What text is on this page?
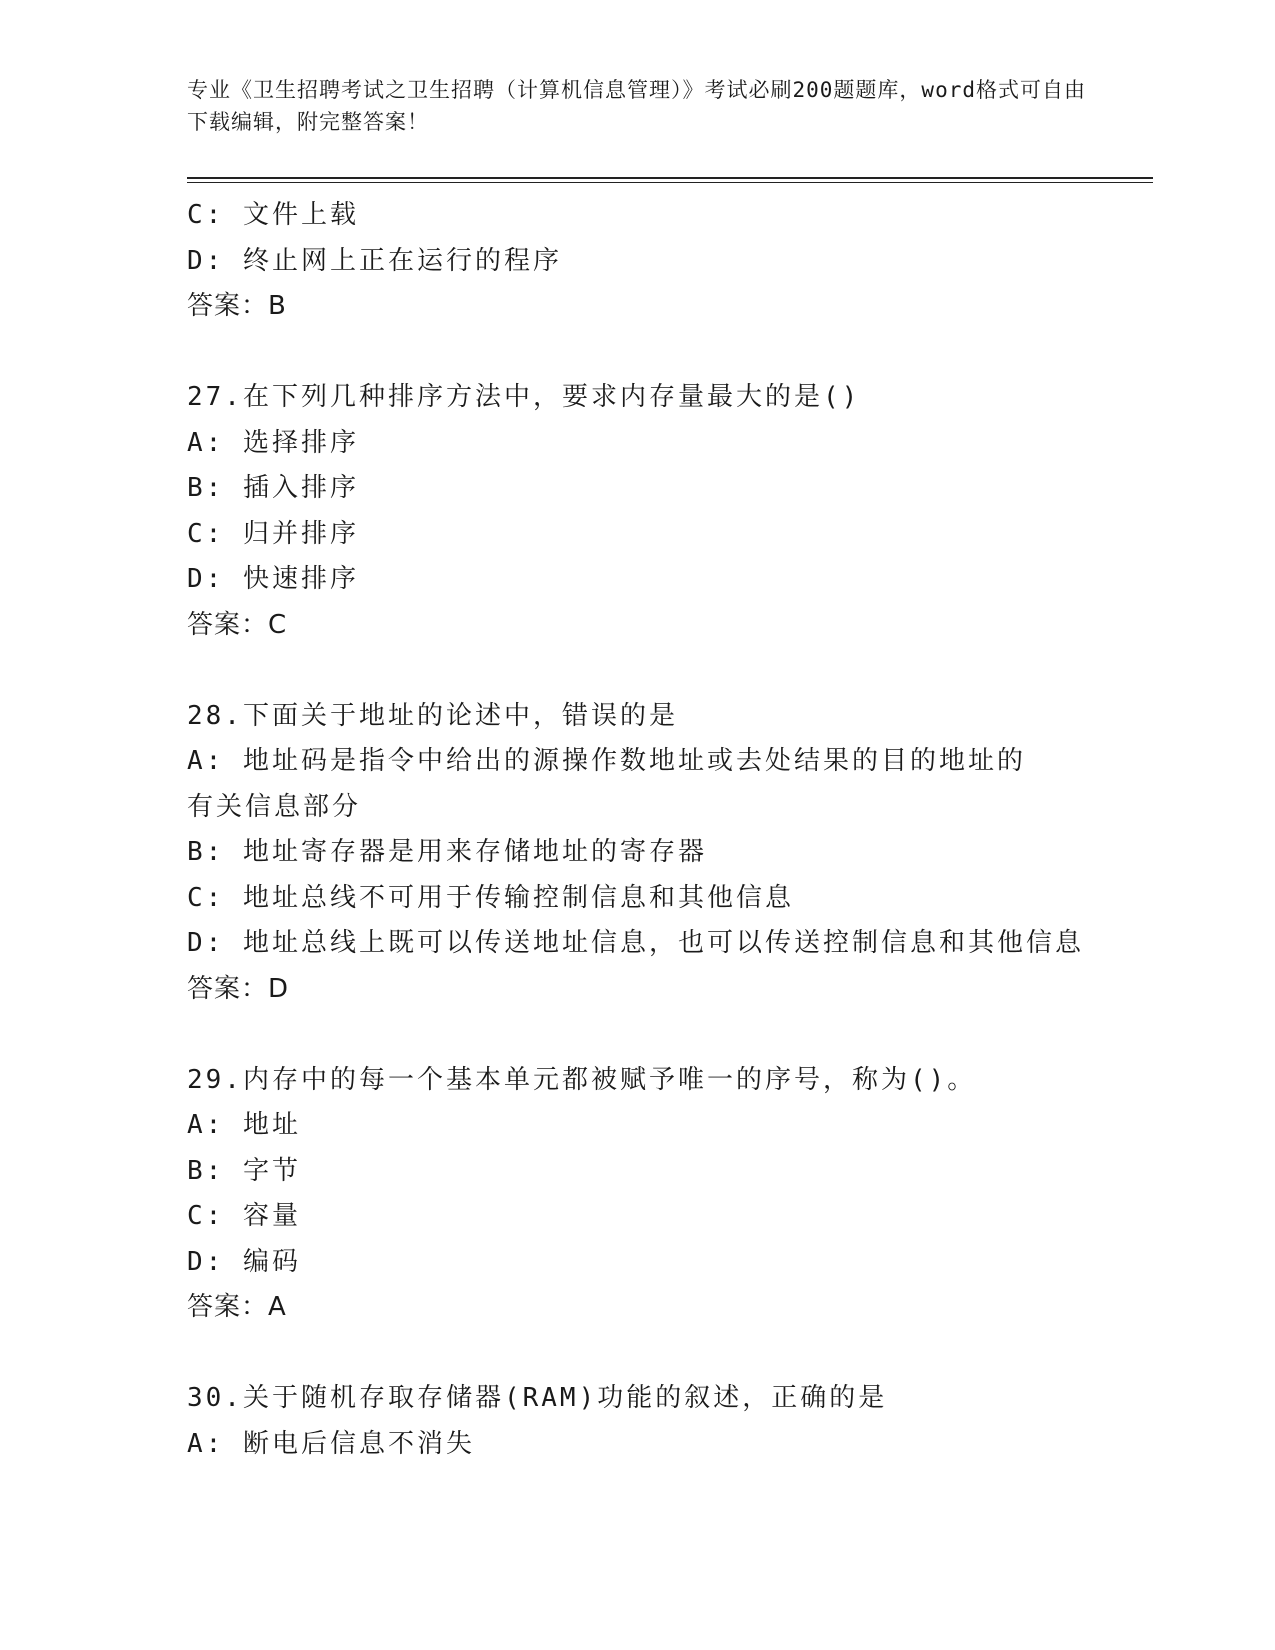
专业《卫生招聘考试之卫生招聘（计算机信息管理）》考试必刷200题题库，word格式可自由下载编辑，附完整答案！
C: 文件上载
D: 终止网上正在运行的程序
答案：B
27.在下列几种排序方法中，要求内存量最大的是()
A: 选择排序
B: 插入排序
C: 归并排序
D: 快速排序
答案：C
28.下面关于地址的论述中，错误的是
A: 地址码是指令中给出的源操作数地址或去处结果的目的地址的有关信息部分
B: 地址寄存器是用来存储地址的寄存器
C: 地址总线不可用于传输控制信息和其他信息
D: 地址总线上既可以传送地址信息，也可以传送控制信息和其他信息
答案：D
29.内存中的每一个基本单元都被赋予唯一的序号，称为()。
A: 地址
B: 字节
C: 容量
D: 编码
答案：A
30.关于随机存取存储器(RAM)功能的叙述，正确的是
A: 断电后信息不消失
